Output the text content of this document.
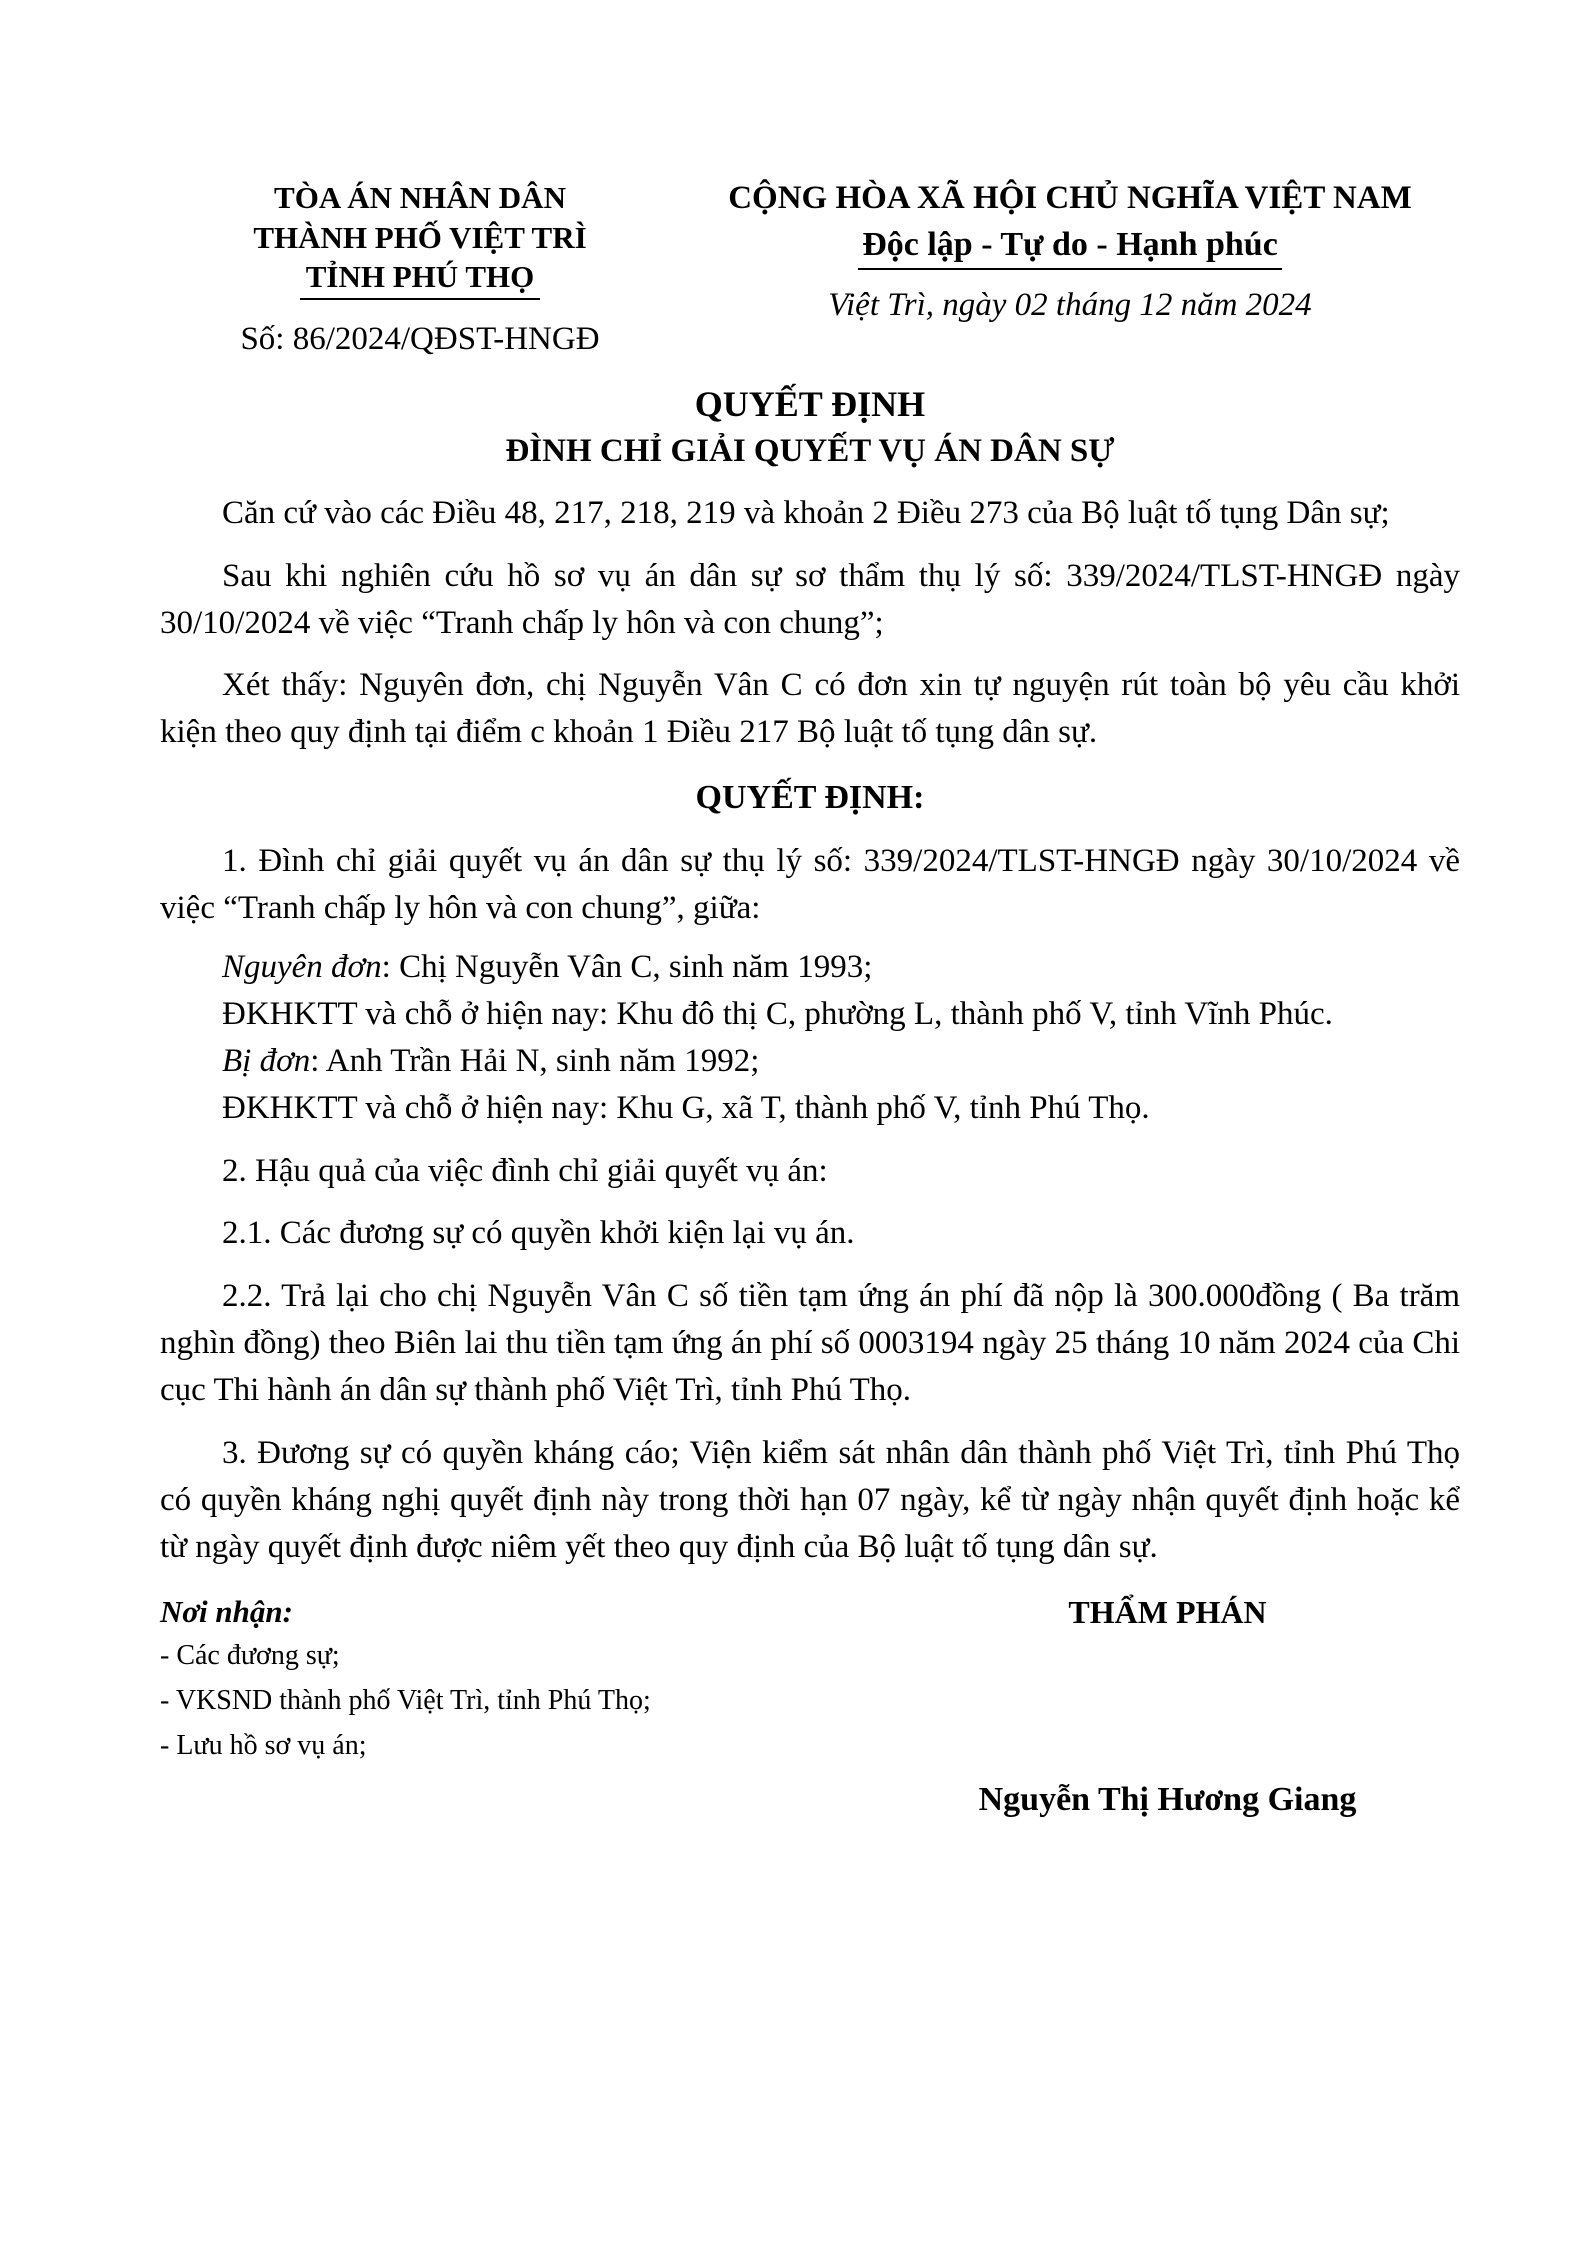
TÒA ÁN NHÂN DÂN
THÀNH PHỐ VIỆT TRÌ
TỈNH PHÚ THỌ
Số: 86/2024/QĐST-HNGĐ
CỘNG HÒA XÃ HỘI CHỦ NGHĨA VIỆT NAM
Độc lập - Tự do - Hạnh phúc
Việt Trì, ngày 02 tháng 12 năm 2024
QUYẾT ĐỊNH
ĐÌNH CHỈ GIẢI QUYẾT VỤ ÁN DÂN SỰ

Căn cứ vào các Điều 48, 217, 218, 219 và khoản 2 Điều 273 của Bộ luật tố tụng Dân sự;

Sau khi nghiên cứu hồ sơ vụ án dân sự sơ thẩm thụ lý số: 339/2024/TLST-HNGĐ ngày 30/10/2024 về việc “Tranh chấp ly hôn và con chung”;

Xét thấy: Nguyên đơn, chị Nguyễn Vân C có đơn xin tự nguyện rút toàn bộ yêu cầu khởi kiện theo quy định tại điểm c khoản 1 Điều 217 Bộ luật tố tụng dân sự.

QUYẾT ĐỊNH:

1. Đình chỉ giải quyết vụ án dân sự thụ lý số: 339/2024/TLST-HNGĐ ngày 30/10/2024 về việc “Tranh chấp ly hôn và con chung”, giữa:

Nguyên đơn: Chị Nguyễn Vân C, sinh năm 1993;

ĐKHKTT và chỗ ở hiện nay: Khu đô thị C, phường L, thành phố V, tỉnh Vĩnh Phúc.

Bị đơn: Anh Trần Hải N, sinh năm 1992;

ĐKHKTT và chỗ ở hiện nay: Khu G, xã T, thành phố V, tỉnh Phú Thọ.

2. Hậu quả của việc đình chỉ giải quyết vụ án:

2.1. Các đương sự có quyền khởi kiện lại vụ án.

2.2. Trả lại cho chị Nguyễn Vân C số tiền tạm ứng án phí đã nộp là 300.000đồng ( Ba trăm nghìn đồng) theo Biên lai thu tiền tạm ứng án phí số 0003194 ngày 25 tháng 10 năm 2024 của Chi cục Thi hành án dân sự thành phố Việt Trì, tỉnh Phú Thọ.

3. Đương sự có quyền kháng cáo; Viện kiểm sát nhân dân thành phố Việt Trì, tỉnh Phú Thọ có quyền kháng nghị quyết định này trong thời hạn 07 ngày, kể từ ngày nhận quyết định hoặc kể từ ngày quyết định được niêm yết theo quy định của Bộ luật tố tụng dân sự.

Nơi nhận:
- Các đương sự;
- VKSND thành phố Việt Trì, tỉnh Phú Thọ;
- Lưu hồ sơ vụ án;
THẨM PHÁN
Nguyễn Thị Hương Giang
